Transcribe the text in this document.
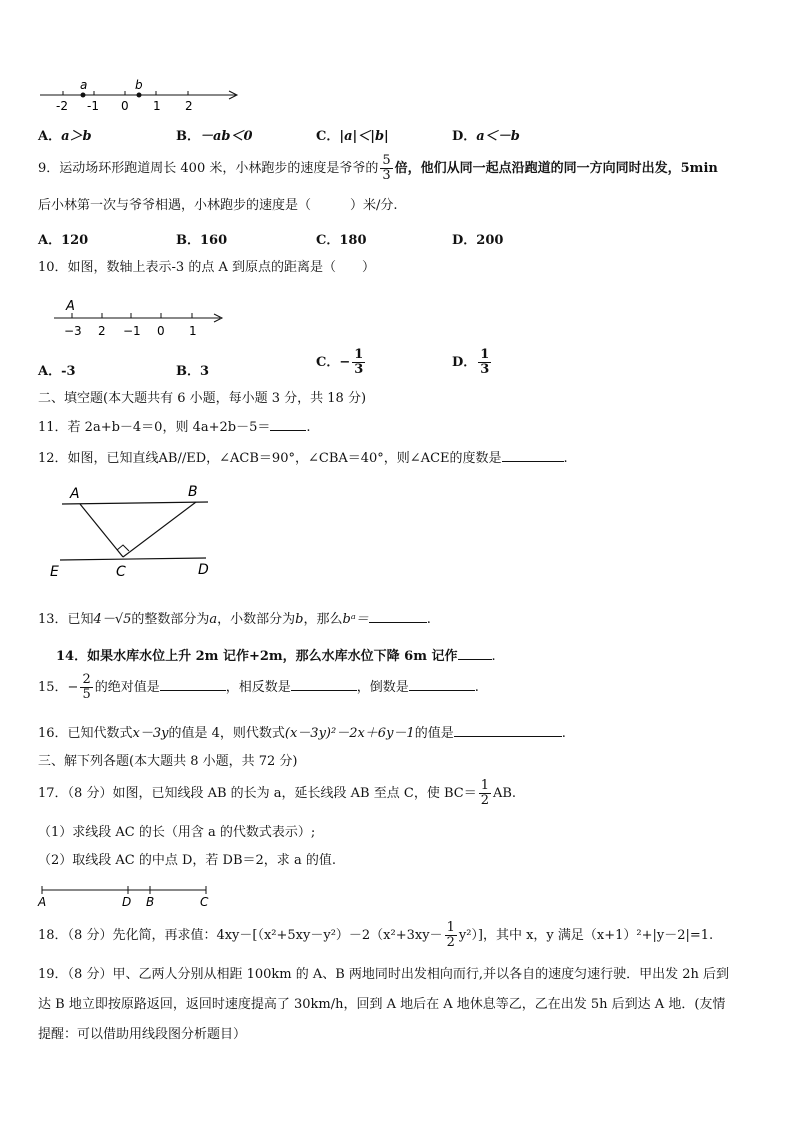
a	b
-2 -1 0 1 2
A．a＞b	B．－ab＜0	C．|a|＜|b|	D．a＜－b
9．运动场环形跑道周长 400 米，小林跑步的速度是爷爷的 $\frac{5}{3}$ 倍，他们从同一起点沿跑道的同一方向同时出发，5min
后小林第一次与爷爷相遇，小林跑步的速度是（　　　）米/分.
A．120	B．160	C．180	D．200
10．如图，数轴上表示-3 的点 A 到原点的距离是（　　）
A
−3 2 −1 0 1
A．-3	B．3
C．− $\frac{1}{3}$	D． $\frac{1}{3}$
二、填空题(本大题共有 6 小题，每小题 3 分，共 18 分)
11．若 2a+b－4＝0，则 4a+2b－5＝	.
12．如图，已知直线AB//ED，∠ACB＝90°，∠CBA＝40°，则∠ACE的度数是	.
A	B
E	C	D
13．已知4－√5的整数部分为a，小数部分为b，那么bᵃ＝	.
14．如果水库水位上升 2m 记作+2m，那么水库水位下降 6m 记作	.
15．− $\frac{2}{5}$ 的绝对值是	，相反数是	，倒数是	.
16．已知代数式x－3y的值是 4，则代数式(x－3y)²－2x＋6y－1的值是	.
三、解下列各题(本大题共 8 小题，共 72 分)
17．（8 分）如图，已知线段 AB 的长为 a，延长线段 AB 至点 C，使 $BC= \frac{1}{2}$ AB.
（1）求线段 AC 的长（用含 a 的代数式表示）;
（2）取线段 AC 的中点 D，若 DB＝2，求 a 的值.
A	D B	C
18．（8 分）先化简，再求值：$4xy-[(x^2+5xy-y^2)-2(x^2+3xy- \frac{1}{2} y^2)]$，其中 x，y 满足（x+1）²+|y－2|=1.
19．（8 分）甲、乙两人分别从相距 100km 的 A、B 两地同时出发相向而行,并以各自的速度匀速行驶．甲出发 2h 后到
达 B 地立即按原路返回，返回时速度提高了 30km/h，回到 A 地后在 A 地休息等乙，乙在出发 5h 后到达 A 地．(友情
提醒：可以借助用线段图分析题目）
